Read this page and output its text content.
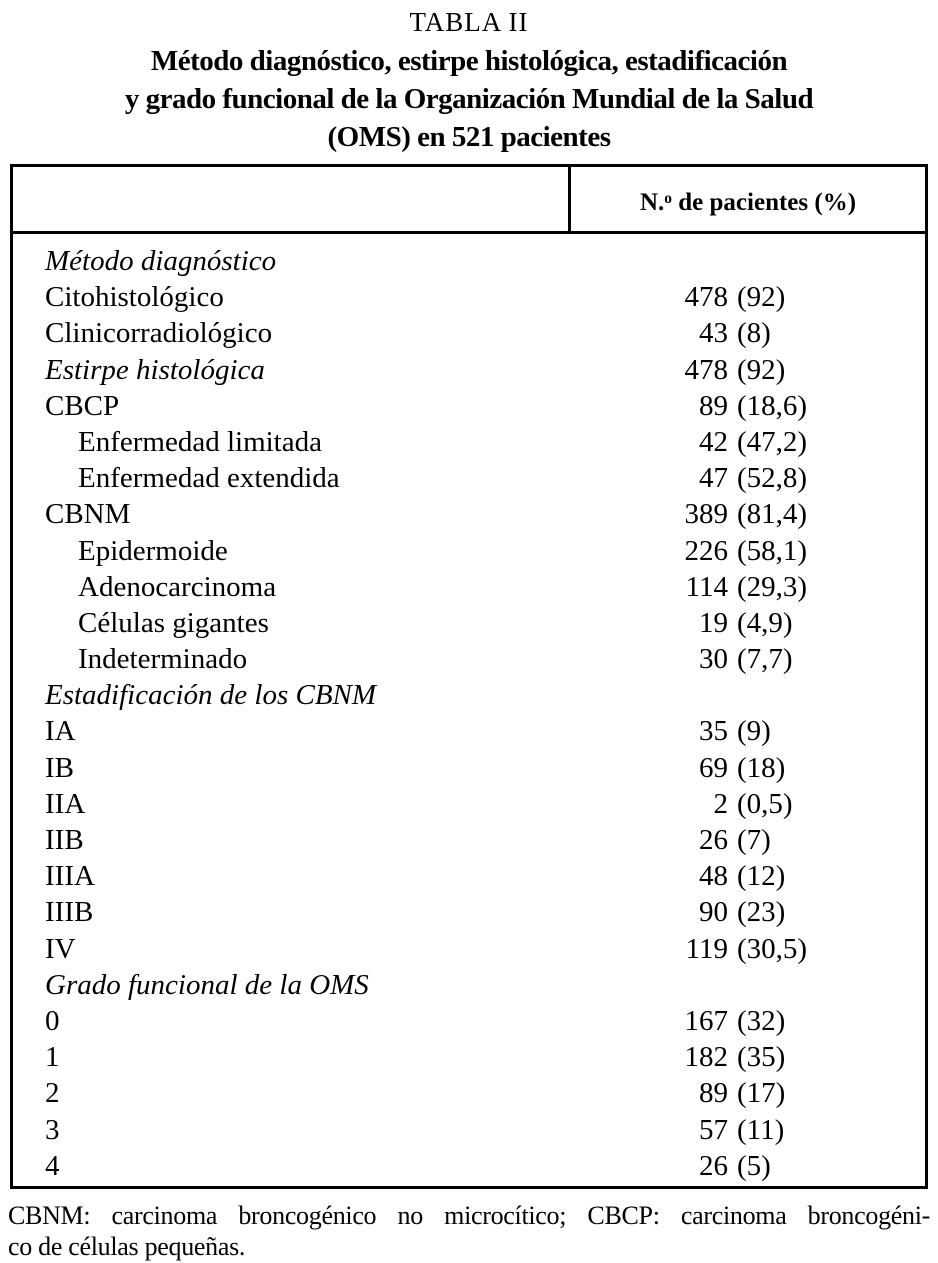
TABLA II
Método diagnóstico, estirpe histológica, estadificación
y grado funcional de la Organización Mundial de la Salud
(OMS) en 521 pacientes
N.$^o$ de pacientes (%)
Método diagnóstico
Citohistológico	478 (92)
Clinicorradiológico	43 (8)
Estirpe histológica	478 (92)
CBCP	89 (18,6)
Enfermedad limitada	42 (47,2)
Enfermedad extendida	47 (52,8)
CBNM	389 (81,4)
Epidermoide	226 (58,1)
Adenocarcinoma	114 (29,3)
Células gigantes	19 (4,9)
Indeterminado	30 (7,7)
Estadificación de los CBNM
IA	35 (9)
IB	69 (18)
IIA	2 (0,5)
IIB	26 (7)
IIIA	48 (12)
IIIB	90 (23)
IV	119 (30,5)
Grado funcional de la OMS
0	167 (32)
1	182 (35)
2	89 (17)
3	57 (11)
4	26 (5)
CBNM: carcinoma broncogénico no microcítico; CBCP: carcinoma broncogéni-
co de células pequeñas.
